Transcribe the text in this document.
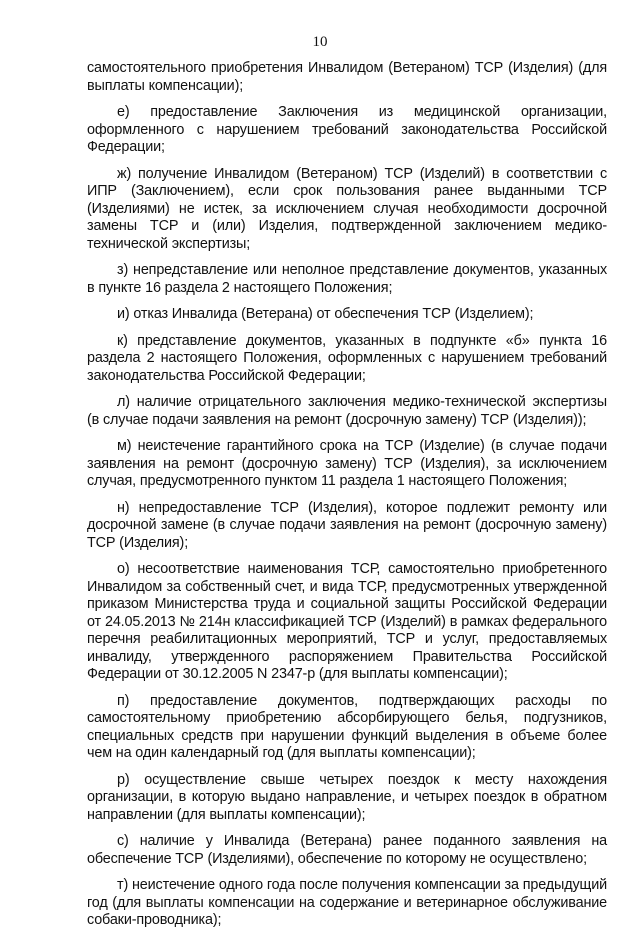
10

самостоятельного приобретения Инвалидом (Ветераном) ТСР (Изделия) (для выплаты компенсации);

е) предоставление Заключения из медицинской организации, оформленного с нарушением требований законодательства Российской Федерации;

ж) получение Инвалидом (Ветераном) ТСР (Изделий) в соответствии с ИПР (Заключением), если срок пользования ранее выданными ТСР (Изделиями) не истек, за исключением случая необходимости досрочной замены ТСР и (или) Изделия, подтвержденной заключением медико-технической экспертизы;

з) непредставление или неполное представление документов, указанных в пункте 16 раздела 2 настоящего Положения;

и) отказ Инвалида (Ветерана) от обеспечения ТСР (Изделием);

к) представление документов, указанных в подпункте «б» пункта 16 раздела 2 настоящего Положения, оформленных с нарушением требований законодательства Российской Федерации;

л) наличие отрицательного заключения медико-технической экспертизы (в случае подачи заявления на ремонт (досрочную замену) ТСР (Изделия));

м) неистечение гарантийного срока на ТСР (Изделие) (в случае подачи заявления на ремонт (досрочную замену) ТСР (Изделия), за исключением случая, предусмотренного пунктом 11 раздела 1 настоящего Положения;

н) непредоставление ТСР (Изделия), которое подлежит ремонту или досрочной замене (в случае подачи заявления на ремонт (досрочную замену) ТСР (Изделия);

о) несоответствие наименования ТСР, самостоятельно приобретенного Инвалидом за собственный счет, и вида ТСР, предусмотренных утвержденной приказом Министерства труда и социальной защиты Российской Федерации от 24.05.2013 № 214н классификацией ТСР (Изделий) в рамках федерального перечня реабилитационных мероприятий, ТСР и услуг, предоставляемых инвалиду, утвержденного распоряжением Правительства Российской Федерации от 30.12.2005 N 2347-р (для выплаты компенсации);

п) предоставление документов, подтверждающих расходы по самостоятельному приобретению абсорбирующего белья, подгузников, специальных средств при нарушении функций выделения в объеме более чем на один календарный год (для выплаты компенсации);

р) осуществление свыше четырех поездок к месту нахождения организации, в которую выдано направление, и четырех поездок в обратном направлении (для выплаты компенсации);

с) наличие у Инвалида (Ветерана) ранее поданного заявления на обеспечение ТСР (Изделиями), обеспечение по которому не осуществлено;

т) неистечение одного года после получения компенсации за предыдущий год (для выплаты компенсации на содержание и ветеринарное обслуживание собаки-проводника);
